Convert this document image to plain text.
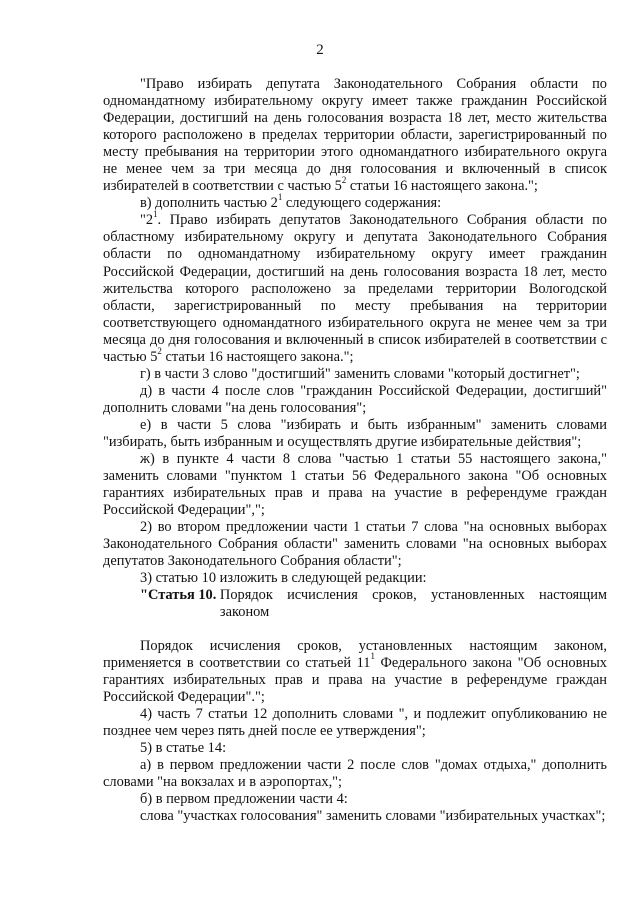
2

"Право избирать депутата Законодательного Собрания области по одномандатному избирательному округу имеет также гражданин Российской Федерации, достигший на день голосования возраста 18 лет, место жительства которого расположено в пределах территории области, зарегистрированный по месту пребывания на территории этого одномандатного избирательного округа не менее чем за три месяца до дня голосования и включенный в список избирателей в соответствии с частью $5^2$ статьи 16 настоящего закона.";

в) дополнить частью $2^1$ следующего содержания:

"$2^1$. Право избирать депутатов Законодательного Собрания области по областному избирательному округу и депутата Законодательного Собрания области по одномандатному избирательному округу имеет гражданин Российской Федерации, достигший на день голосования возраста 18 лет, место жительства которого расположено за пределами территории Вологодской области, зарегистрированный по месту пребывания на территории соответствующего одномандатного избирательного округа не менее чем за три месяца до дня голосования и включенный в список избирателей в соответствии с частью $5^2$ статьи 16 настоящего закона.";

г) в части 3 слово "достигший" заменить словами "который достигнет";

д) в части 4 после слов "гражданин Российской Федерации, достигший" дополнить словами "на день голосования";

е) в части 5 слова "избирать и быть избранным" заменить словами "избирать, быть избранным и осуществлять другие избирательные действия";

ж) в пункте 4 части 8 слова "частью 1 статьи 55 настоящего закона," заменить словами "пунктом 1 статьи 56 Федерального закона "Об основных гарантиях избирательных прав и права на участие в референдуме граждан Российской Федерации",";

2) во втором предложении части 1 статьи 7 слова "на основных выборах Законодательного Собрания области" заменить словами "на основных выборах депутатов Законодательного Собрания области";

3) статью 10 изложить в следующей редакции:

"Статья 10.
Порядок исчисления сроков, установленных настоящим законом

Порядок исчисления сроков, установленных настоящим законом, применяется в соответствии со статьей $11^1$ Федерального закона "Об основных гарантиях избирательных прав и права на участие в референдуме граждан Российской Федерации".";

4) часть 7 статьи 12 дополнить словами ", и подлежит опубликованию не позднее чем через пять дней после ее утверждения";

5) в статье 14:

а) в первом предложении части 2 после слов "домах отдыха," дополнить словами "на вокзалах и в аэропортах,";

б) в первом предложении части 4:

слова "участках голосования" заменить словами "избирательных участках";
